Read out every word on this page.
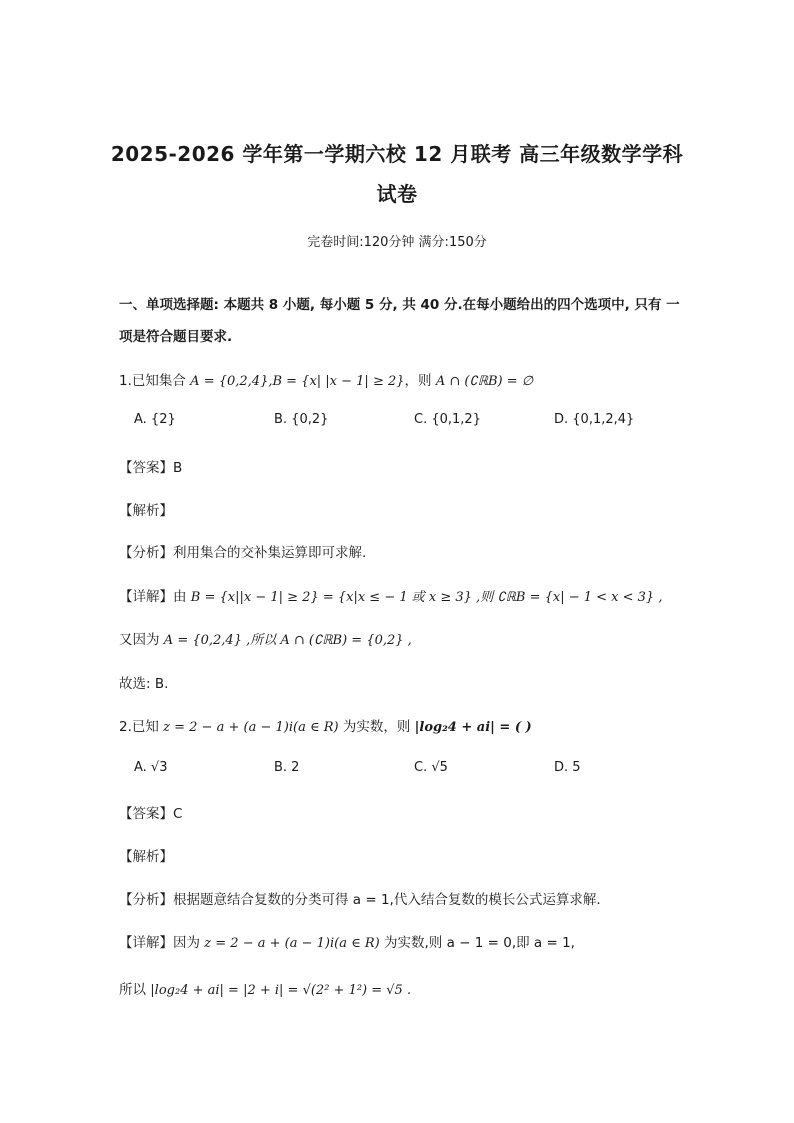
2025-2026 学年第一学期六校 12 月联考 高三年级数学学科
试卷
完卷时间:120分钟 满分:150分
一、单项选择题: 本题共 8 小题, 每小题 5 分, 共 40 分.在每小题给出的四个选项中, 只有 一
项是符合题目要求.
1.已知集合 A = {0,2,4},B = {x| |x − 1| ≥ 2}，则 A ∩ (∁ℝB) = ∅
A. {2}	B. {0,2}	C. {0,1,2}	D. {0,1,2,4}
【答案】B
【解析】
【分析】利用集合的交补集运算即可求解.
【详解】由 B = {x||x − 1| ≥ 2} = {x|x ≤ − 1 或 x ≥ 3} ,则 ∁ℝB = {x| − 1 < x < 3} ,
又因为 A = {0,2,4} ,所以 A ∩ (∁ℝB) = {0,2} ,
故选: B.
2.已知 z = 2 − a + (a − 1)i(a ∈ R) 为实数，则 |log₂4 + ai| = ( )
A. √3	B. 2	C. √5	D. 5
【答案】C
【解析】
【分析】根据题意结合复数的分类可得 a = 1,代入结合复数的模长公式运算求解.
【详解】因为 z = 2 − a + (a − 1)i(a ∈ R) 为实数,则 a − 1 = 0,即 a = 1,
所以 |log₂4 + ai| = |2 + i| = √(2² + 1²) = √5 .
